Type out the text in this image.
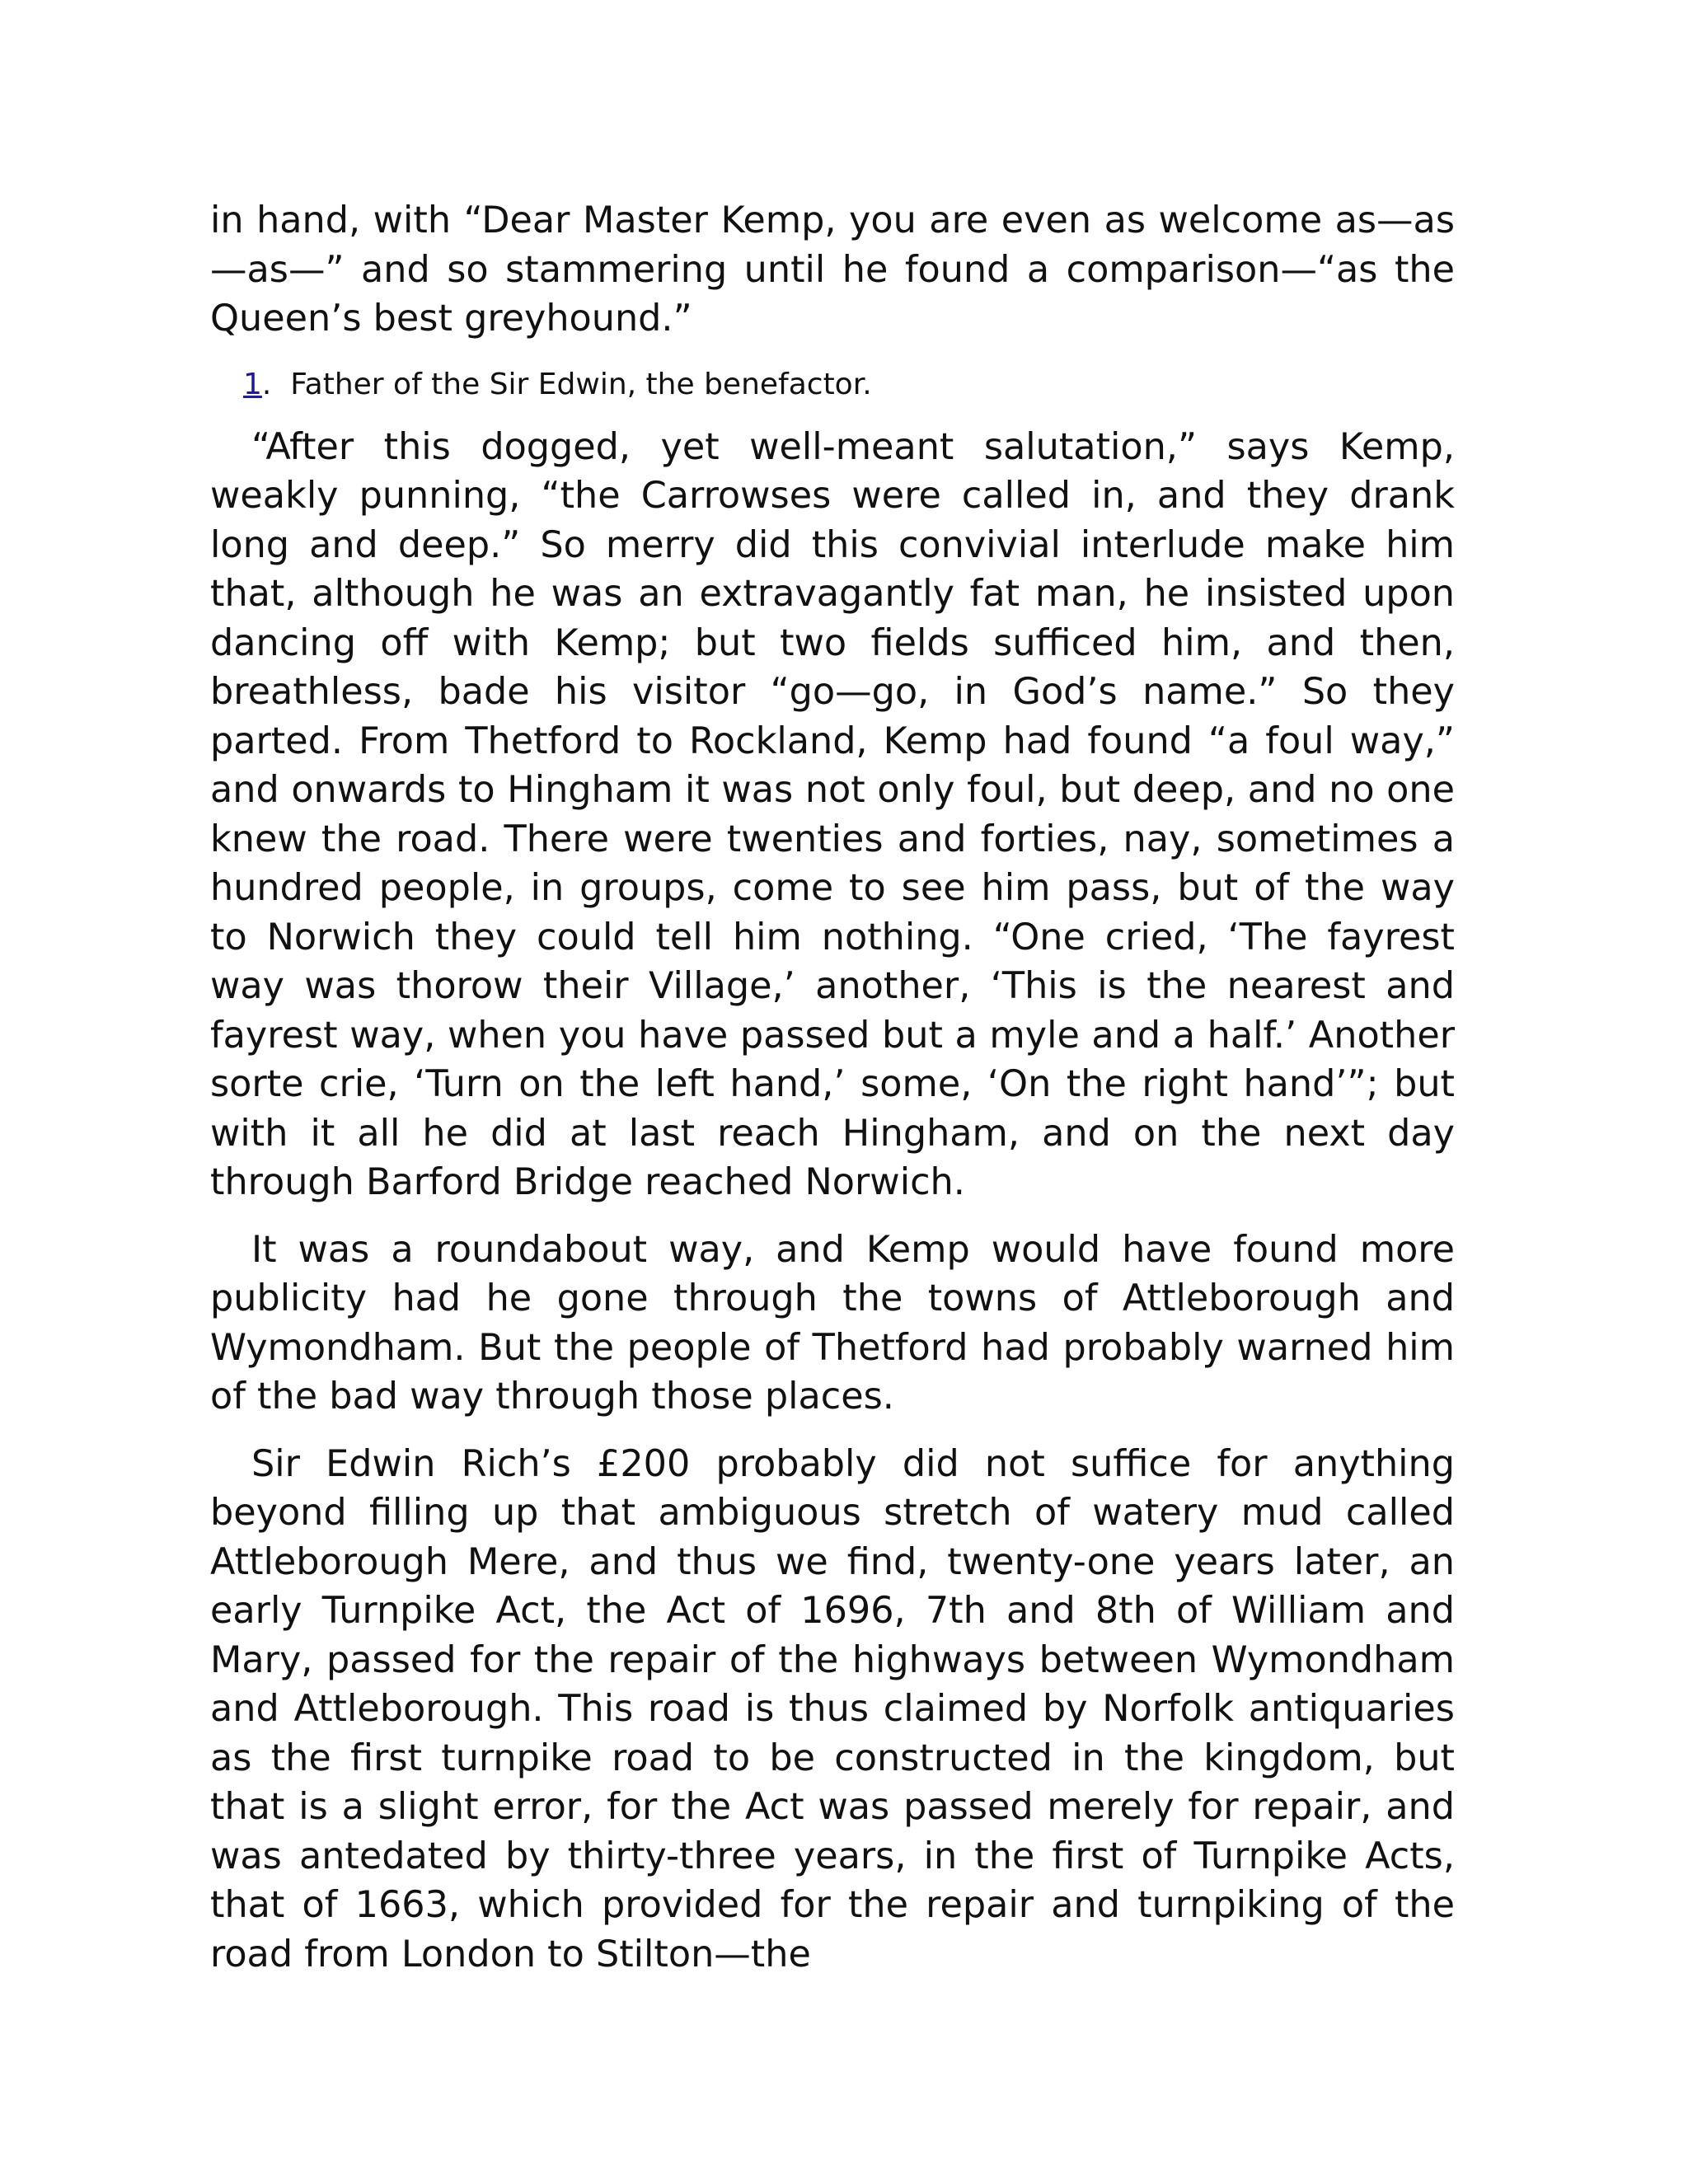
in hand, with “Dear Master Kemp, you are even as welcome as—as—as—” and so stammering until he found a comparison—“as the Queen’s best greyhound.”

1. Father of the Sir Edwin, the benefactor.

“After this dogged, yet well-meant salutation,” says Kemp, weakly punning, “the Carrowses were called in, and they drank long and deep.” So merry did this convivial interlude make him that, although he was an extravagantly fat man, he insisted upon dancing off with Kemp; but two fields sufficed him, and then, breathless, bade his visitor “go—go, in God’s name.” So they parted. From Thetford to Rockland, Kemp had found “a foul way,” and onwards to Hingham it was not only foul, but deep, and no one knew the road. There were twenties and forties, nay, sometimes a hundred people, in groups, come to see him pass, but of the way to Norwich they could tell him nothing. “One cried, ‘The fayrest way was thorow their Village,’ another, ‘This is the nearest and fayrest way, when you have passed but a myle and a half.’ Another sorte crie, ‘Turn on the left hand,’ some, ‘On the right hand’”; but with it all he did at last reach Hingham, and on the next day through Barford Bridge reached Norwich.

It was a roundabout way, and Kemp would have found more publicity had he gone through the towns of Attleborough and Wymondham. But the people of Thetford had probably warned him of the bad way through those places.

Sir Edwin Rich’s £200 probably did not suffice for anything beyond filling up that ambiguous stretch of watery mud called Attleborough Mere, and thus we find, twenty-one years later, an early Turnpike Act, the Act of 1696, 7th and 8th of William and Mary, passed for the repair of the highways between Wymondham and Attleborough. This road is thus claimed by Norfolk antiquaries as the first turnpike road to be constructed in the kingdom, but that is a slight error, for the Act was passed merely for repair, and was antedated by thirty-three years, in the first of Turnpike Acts, that of 1663, which provided for the repair and turnpiking of the road from London to Stilton—the
